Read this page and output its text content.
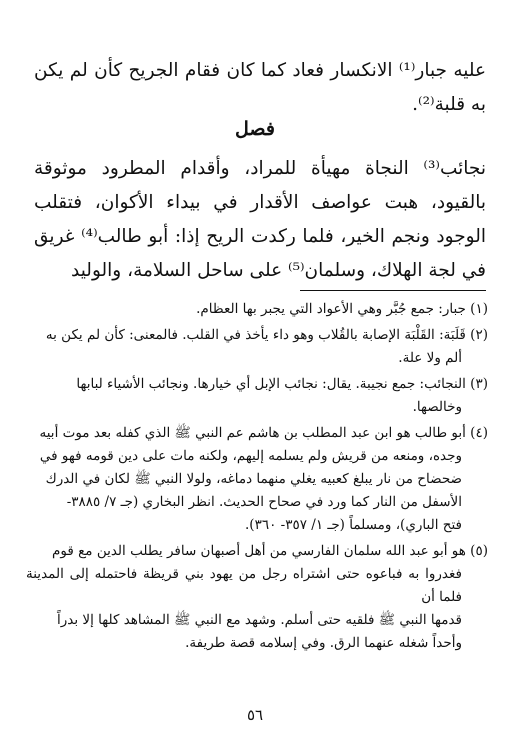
عليه جبار⁽¹⁾ الانكسار فعاد كما كان فقام الجريح كأن لم يكن به قلبة⁽²⁾.

فصل

نجائب⁽³⁾ النجاة مهيأة للمراد، وأقدام المطرود موثوقة بالقيود، هبت عواصف الأقدار في بيداء الأكوان، فتقلب الوجود ونجم الخير، فلما ركدت الريح إذا: أبو طالب⁽⁴⁾ غريق في لجة الهلاك، وسلمان⁽⁵⁾ على ساحل السلامة، والوليد

(١) جبار: جمع جُبَّر وهي الأعواد التي يجبر بها العظام.
(٢) قَلَبَة: القَلْبَة الإصابة بالقُلاب وهو داء يأخذ في القلب. فالمعنى: كأن لم يكن به
ألم ولا علة.
(٣) النجائب: جمع نجيبة. يقال: نجائب الإبل أي خيارها. ونجائب الأشياء لبابها
وخالصها.
(٤) أبو طالب هو ابن عبد المطلب بن هاشم عم النبي ﷺ الذي كفله بعد موت أبيه
وجده، ومنعه من قريش ولم يسلمه إليهم، ولكنه مات على دين قومه فهو في
ضحضاح من نار يبلغ كعبيه يغلي منهما دماغه، ولولا النبي ﷺ لكان في الدرك
الأسفل من النار كما ورد في صحاح الحديث. انظر البخاري (جـ ٧/ ٣٨٨٥-
فتح الباري)، ومسلماً (جـ ١/ ٣٥٧- ٣٦٠).
(٥) هو أبو عبد الله سلمان الفارسي من أهل أصبهان سافر يطلب الدين مع قوم
فغدروا به فباعوه حتى اشتراه رجل من يهود بني قريظة فاحتمله إلى المدينة فلما أن
قدمها النبي ﷺ فلقيه حتى أسلم. وشهد مع النبي ﷺ المشاهد كلها إلا بدراً
وأحداً شغله عنهما الرق. وفي إسلامه قصة طريفة.
٥٦
